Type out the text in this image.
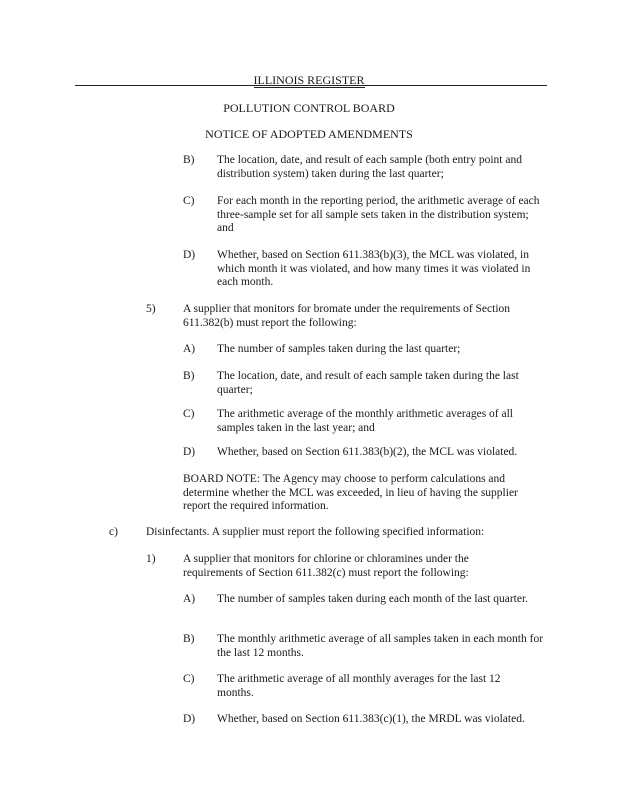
ILLINOIS REGISTER
POLLUTION CONTROL BOARD
NOTICE OF ADOPTED AMENDMENTS
B) The location, date, and result of each sample (both entry point and distribution system) taken during the last quarter;
C) For each month in the reporting period, the arithmetic average of each three-sample set for all sample sets taken in the distribution system; and
D) Whether, based on Section 611.383(b)(3), the MCL was violated, in which month it was violated, and how many times it was violated in each month.
5) A supplier that monitors for bromate under the requirements of Section 611.382(b) must report the following:
A) The number of samples taken during the last quarter;
B) The location, date, and result of each sample taken during the last quarter;
C) The arithmetic average of the monthly arithmetic averages of all samples taken in the last year; and
D) Whether, based on Section 611.383(b)(2), the MCL was violated.
BOARD NOTE: The Agency may choose to perform calculations and determine whether the MCL was exceeded, in lieu of having the supplier report the required information.
c) Disinfectants. A supplier must report the following specified information:
1) A supplier that monitors for chlorine or chloramines under the requirements of Section 611.382(c) must report the following:
A) The number of samples taken during each month of the last quarter.
B) The monthly arithmetic average of all samples taken in each month for the last 12 months.
C) The arithmetic average of all monthly averages for the last 12 months.
D) Whether, based on Section 611.383(c)(1), the MRDL was violated.
